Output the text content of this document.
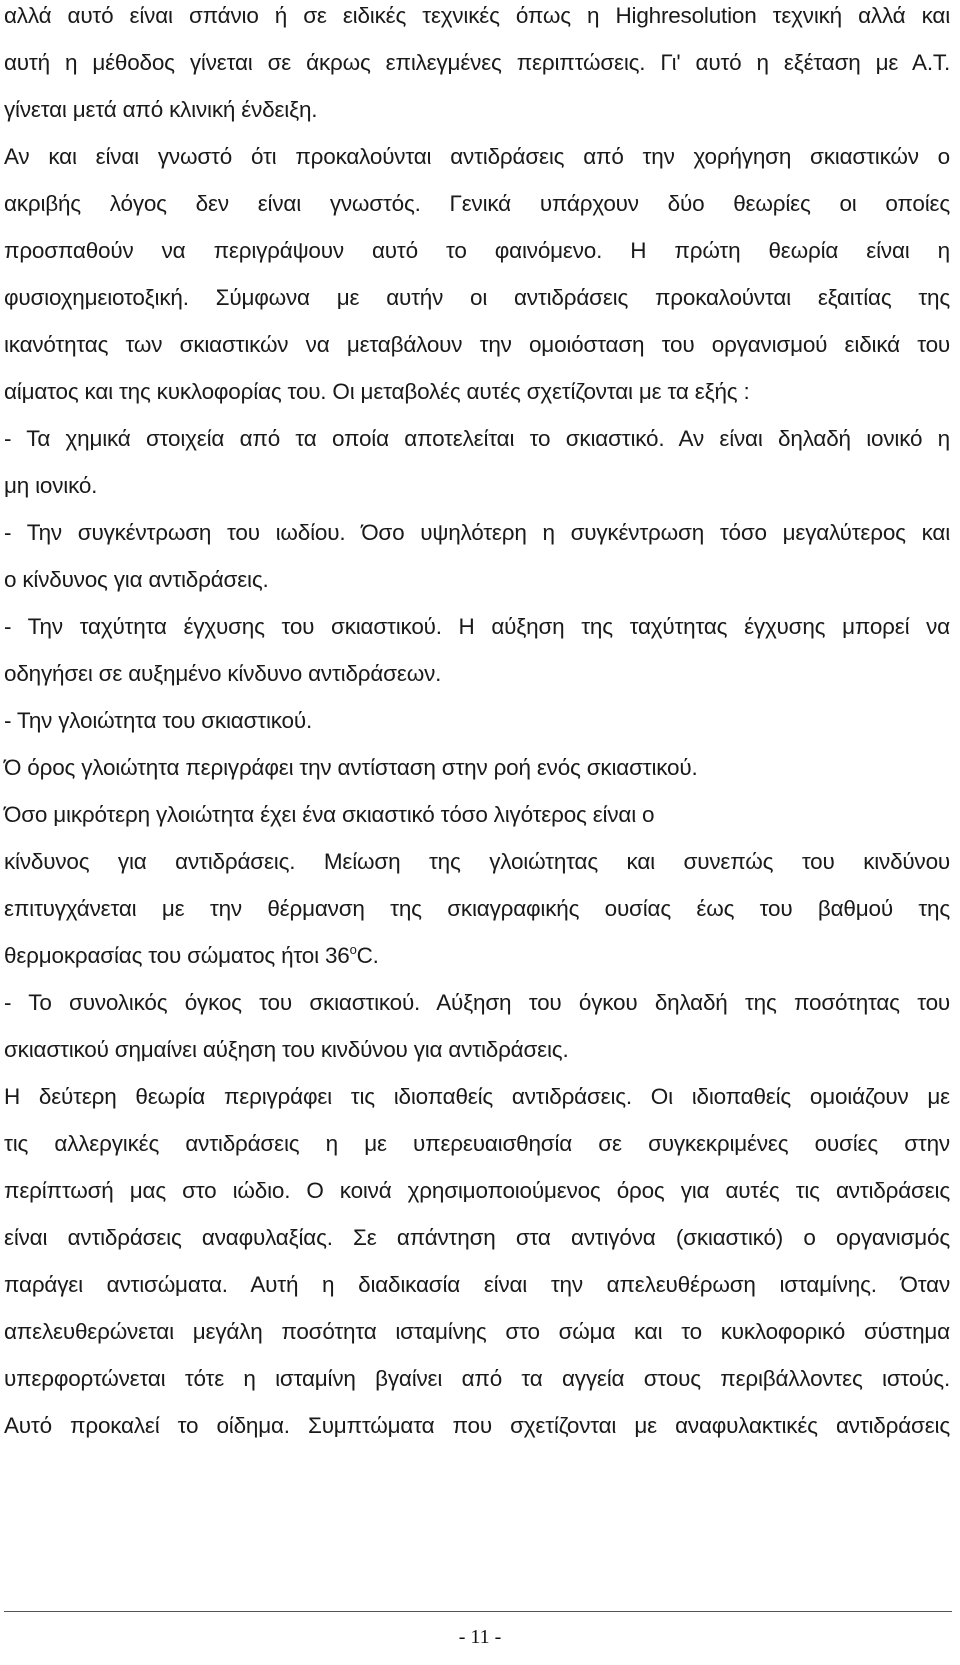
αλλά αυτό είναι σπάνιο ή σε ειδικές τεχνικές όπως η Highresolution τεχνική αλλά και
αυτή η μέθοδος γίνεται σε άκρως επιλεγμένες περιπτώσεις. Γι' αυτό η εξέταση με Α.Τ.
γίνεται μετά από κλινική ένδειξη.
Αν και είναι γνωστό ότι προκαλούνται αντιδράσεις από την χορήγηση σκιαστικών ο
ακριβής λόγος δεν είναι γνωστός. Γενικά υπάρχουν δύο θεωρίες οι οποίες
προσπαθούν να περιγράψουν αυτό το φαινόμενο. Η πρώτη θεωρία είναι η
φυσιοχημειοτοξική. Σύμφωνα με αυτήν οι αντιδράσεις προκαλούνται εξαιτίας της
ικανότητας των σκιαστικών να μεταβάλουν την ομοιόσταση του οργανισμού ειδικά του
αίματος και της κυκλοφορίας του. Οι μεταβολές αυτές σχετίζονται με τα εξής :
- Τα χημικά στοιχεία από τα οποία αποτελείται το σκιαστικό. Αν είναι δηλαδή ιονικό η
μη ιονικό.
- Την συγκέντρωση του ιωδίου. Όσο υψηλότερη η συγκέντρωση τόσο μεγαλύτερος και
ο κίνδυνος για αντιδράσεις.
- Την ταχύτητα έγχυσης του σκιαστικού. Η αύξηση της ταχύτητας έγχυσης μπορεί να
οδηγήσει σε αυξημένο κίνδυνο αντιδράσεων.
- Την γλοιώτητα του σκιαστικού.
Ό όρος γλοιώτητα περιγράφει την αντίσταση στην ροή ενός σκιαστικού.
Όσο μικρότερη γλοιώτητα έχει ένα σκιαστικό τόσο λιγότερος είναι ο
κίνδυνος για αντιδράσεις. Μείωση της γλοιώτητας και συνεπώς του κινδύνου
επιτυγχάνεται με την θέρμανση της σκιαγραφικής ουσίας έως του βαθμού της
θερμοκρασίας του σώματος ήτοι $36^oC$.
- Το συνολικός όγκος του σκιαστικού. Αύξηση του όγκου δηλαδή της ποσότητας του
σκιαστικού σημαίνει αύξηση του κινδύνου για αντιδράσεις.
Η δεύτερη θεωρία περιγράφει τις ιδιοπαθείς αντιδράσεις. Οι ιδιοπαθείς ομοιάζουν με
τις αλλεργικές αντιδράσεις η με υπερευαισθησία σε συγκεκριμένες ουσίες στην
περίπτωσή μας στο ιώδιο. Ο κοινά χρησιμοποιούμενος όρος για αυτές τις αντιδράσεις
είναι αντιδράσεις αναφυλαξίας. Σε απάντηση στα αντιγόνα (σκιαστικό) ο οργανισμός
παράγει αντισώματα. Αυτή η διαδικασία είναι την απελευθέρωση ισταμίνης. Όταν
απελευθερώνεται μεγάλη ποσότητα ισταμίνης στο σώμα και το κυκλοφορικό σύστημα
υπερφορτώνεται τότε η ισταμίνη βγαίνει από τα αγγεία στους περιβάλλοντες ιστούς.
Αυτό προκαλεί το οίδημα. Συμπτώματα που σχετίζονται με αναφυλακτικές αντιδράσεις
- 11 -
